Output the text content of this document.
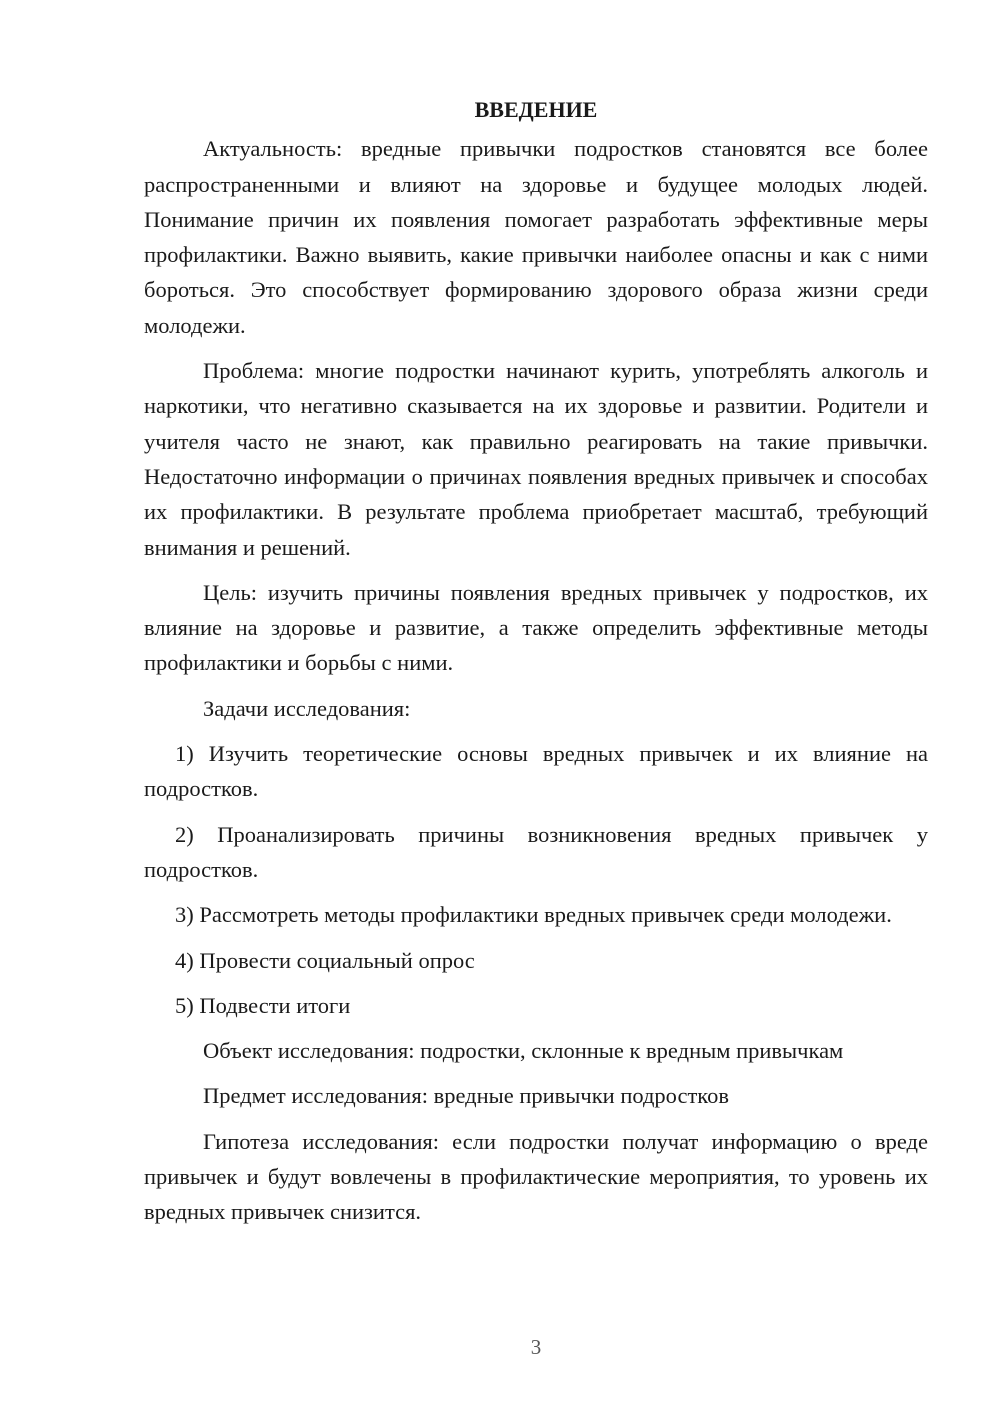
ВВЕДЕНИЕ

Актуальность: вредные привычки подростков становятся все более распространенными и влияют на здоровье и будущее молодых людей. Понимание причин их появления помогает разработать эффективные меры профилактики. Важно выявить, какие привычки наиболее опасны и как с ними бороться. Это способствует формированию здорового образа жизни среди молодежи.

Проблема: многие подростки начинают курить, употреблять алкоголь и наркотики, что негативно сказывается на их здоровье и развитии. Родители и учителя часто не знают, как правильно реагировать на такие привычки. Недостаточно информации о причинах появления вредных привычек и способах их профилактики. В результате проблема приобретает масштаб, требующий внимания и решений.

Цель: изучить причины появления вредных привычек у подростков, их влияние на здоровье и развитие, а также определить эффективные методы профилактики и борьбы с ними.

Задачи исследования:

1) Изучить теоретические основы вредных привычек и их влияние на подростков.

2) Проанализировать причины возникновения вредных привычек у подростков.

3) Рассмотреть методы профилактики вредных привычек среди молодежи.

4) Провести социальный опрос

5) Подвести итоги

Объект исследования: подростки, склонные к вредным привычкам

Предмет исследования: вредные привычки подростков

Гипотеза исследования: если подростки получат информацию о вреде привычек и будут вовлечены в профилактические мероприятия, то уровень их вредных привычек снизится.

3
